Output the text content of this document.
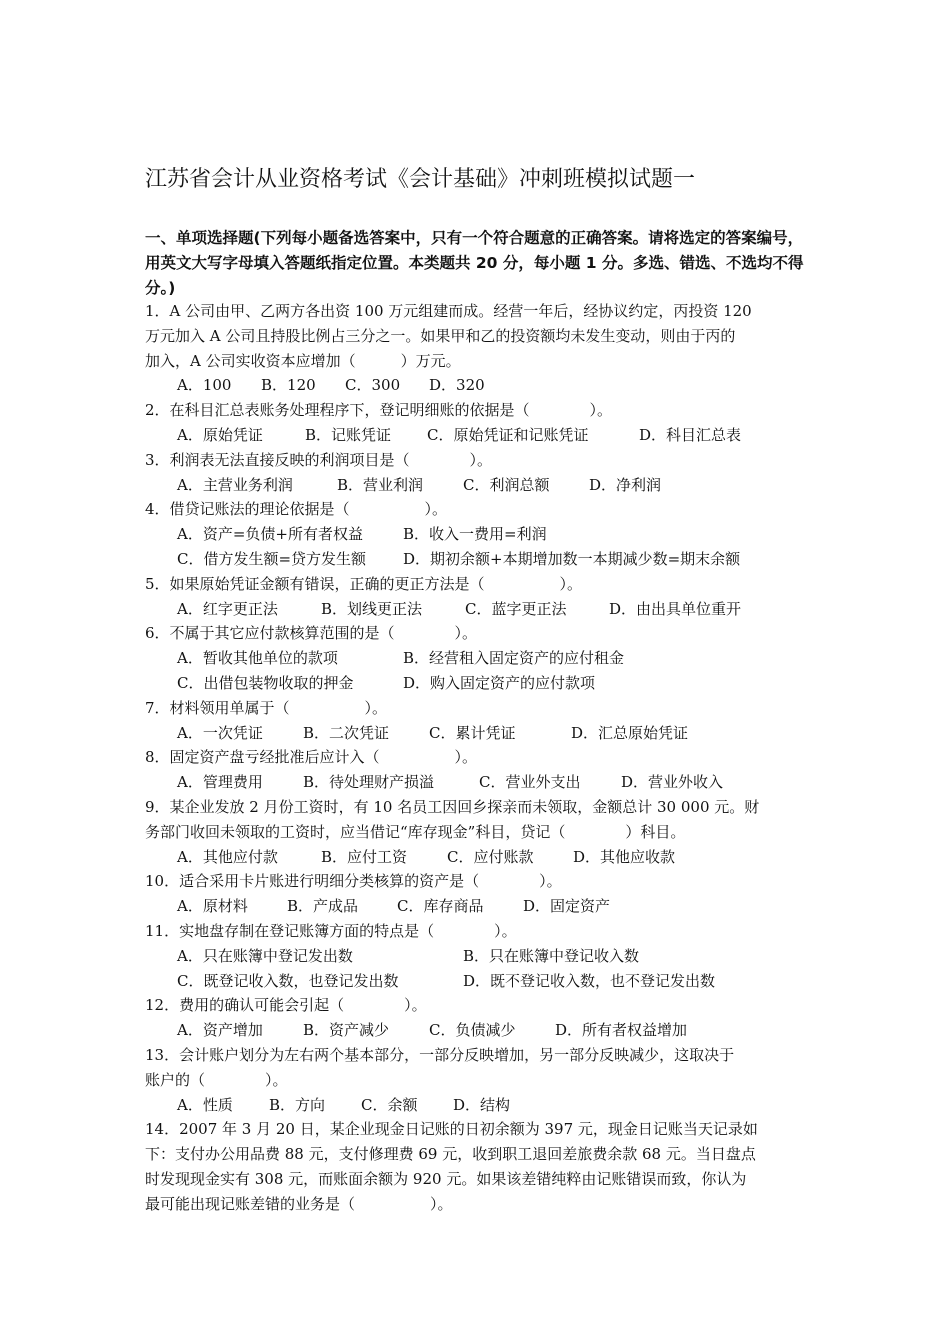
江苏省会计从业资格考试《会计基础》冲刺班模拟试题一
一、单项选择题(下列每小题备选答案中，只有一个符合题意的正确答案。请将选定的答案编号，用英文大写字母填入答题纸指定位置。本类题共 20 分，每小题 1 分。多选、错选、不选均不得分。)
1．A 公司由甲、乙两方各出资 100 万元组建而成。经营一年后，经协议约定，丙投资 120
万元加入 A 公司且持股比例占三分之一。如果甲和乙的投资额均未发生变动，则由于丙的
加入，A 公司实收资本应增加（　　　）万元。
A．100	B．120	C．300	D．320
2．在科目汇总表账务处理程序下，登记明细账的依据是（　　　　）。
A．原始凭证	B．记账凭证	C．原始凭证和记账凭证	D．科目汇总表
3．利润表无法直接反映的利润项目是（　　　　）。
A．主营业务利润	B．营业利润	C．利润总额	D．净利润
4．借贷记账法的理论依据是（　　　　　）。
A．资产=负债+所有者权益	B．收入一费用=利润
C．借方发生额=贷方发生额	D．期初余额+本期增加数一本期减少数=期末余额
5．如果原始凭证金额有错误，正确的更正方法是（　　　　　）。
A．红字更正法	B．划线更正法	C．蓝字更正法	D．由出具单位重开
6．不属于其它应付款核算范围的是（　　　　）。
A．暂收其他单位的款项	B．经营租入固定资产的应付租金
C．出借包装物收取的押金	D．购入固定资产的应付款项
7．材料领用单属于（　　　　　）。
A．一次凭证	B．二次凭证	C．累计凭证	D．汇总原始凭证
8．固定资产盘亏经批准后应计入（　　　　　）。
A．管理费用	B．待处理财产损溢	C．营业外支出	D．营业外收入
9．某企业发放 2 月份工资时，有 10 名员工因回乡探亲而未领取，金额总计 30 000 元。财
务部门收回未领取的工资时，应当借记“库存现金”科目，贷记（　　　　）科目。
A．其他应付款	B．应付工资	C．应付账款	D．其他应收款
10．适合采用卡片账进行明细分类核算的资产是（　　　　）。
A．原材料	B．产成品	C．库存商品	D．固定资产
11．实地盘存制在登记账簿方面的特点是（　　　　）。
A．只在账簿中登记发出数	B．只在账簿中登记收入数
C．既登记收入数，也登记发出数	D．既不登记收入数，也不登记发出数
12．费用的确认可能会引起（　　　　）。
A．资产增加	B．资产减少	C．负债减少	D．所有者权益增加
13．会计账户划分为左右两个基本部分，一部分反映增加，另一部分反映减少，这取决于
账户的（　　　　）。
A．性质	B．方向	C．余额	D．结构
14．2007 年 3 月 20 日，某企业现金日记账的日初余额为 397 元，现金日记账当天记录如
下：支付办公用品费 88 元，支付修理费 69 元，收到职工退回差旅费余款 68 元。当日盘点
时发现现金实有 308 元，而账面余额为 920 元。如果该差错纯粹由记账错误而致，你认为
最可能出现记账差错的业务是（　　　　　）。
